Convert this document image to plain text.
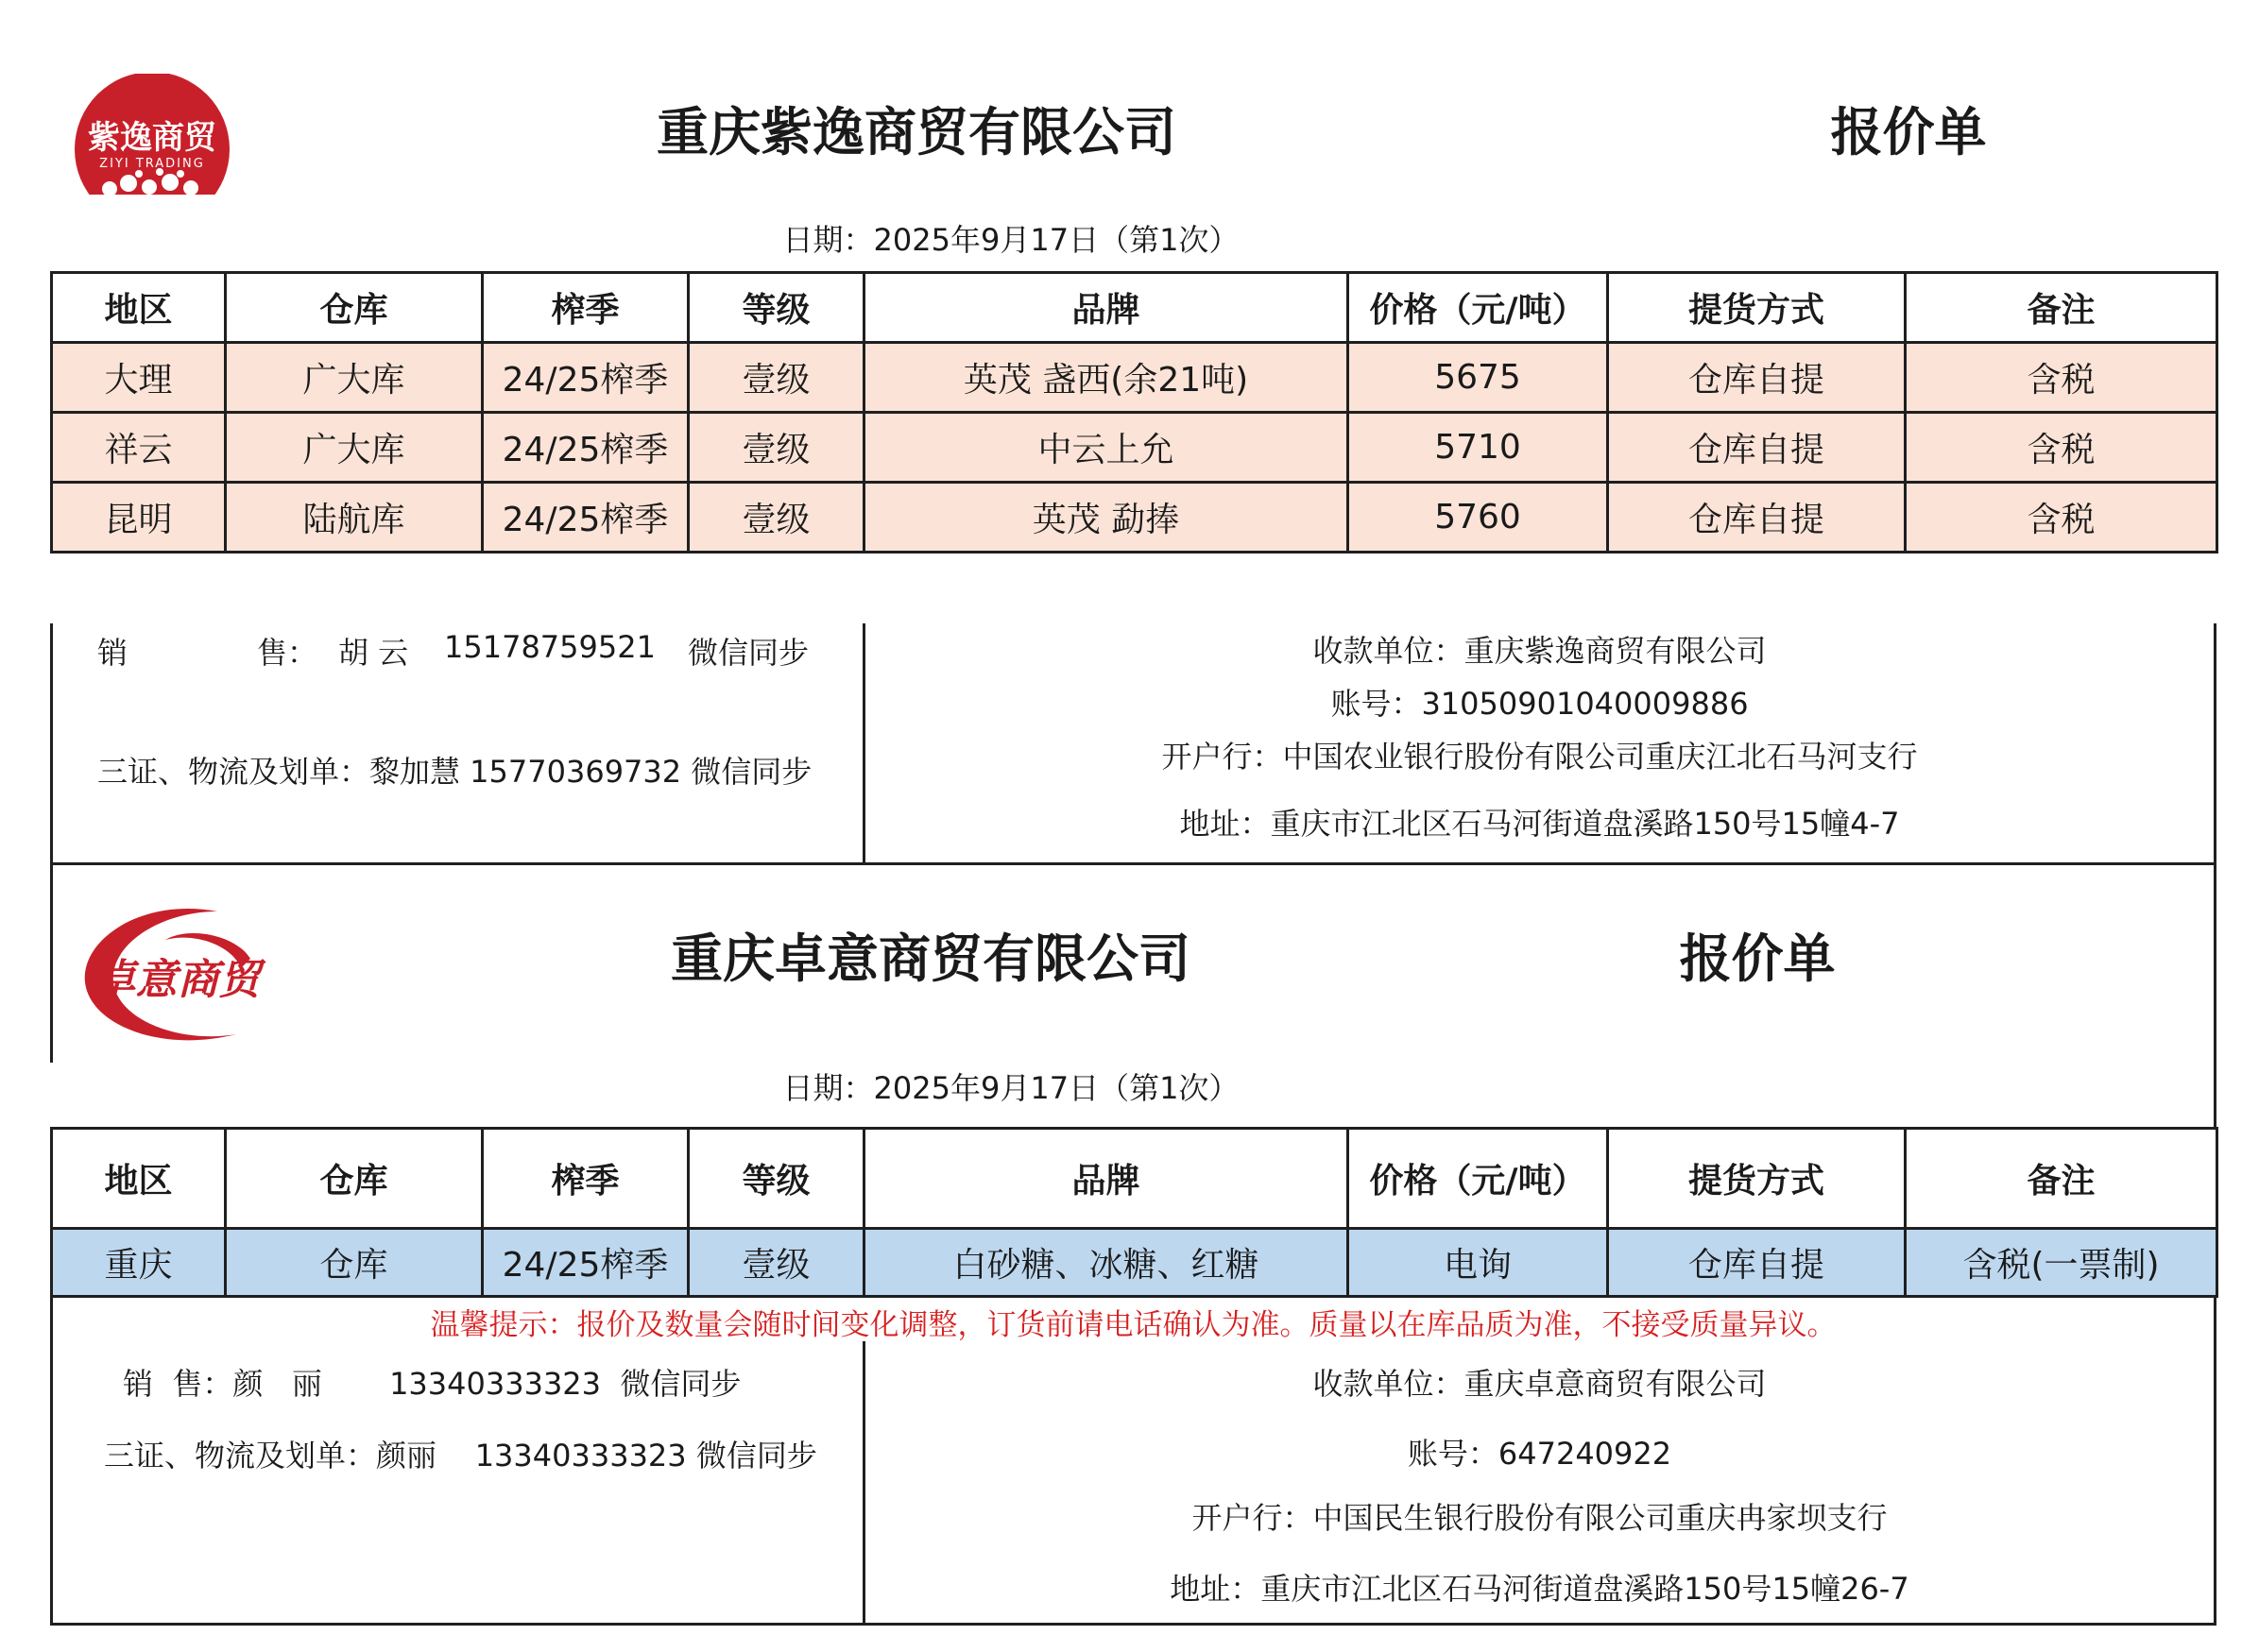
紫逸商贸
ZIYI TRADING
重庆紫逸商贸有限公司	报价单
日期：2025年9月17日（第1次）
地区	仓库	榨季	等级	品牌	价格（元/吨）	提货方式	备注
大理	广大库	24/25榨季	壹级	英茂 盏西(余21吨)	5675	仓库自提	含税
祥云	广大库	24/25榨季	壹级	中云上允	5710	仓库自提	含税
昆明	陆航库	24/25榨季	壹级	英茂 勐捧	5760	仓库自提	含税
销	售： 胡 云 15178759521 微信同步
三证、物流及划单：黎加慧 15770369732 微信同步
收款单位：重庆紫逸商贸有限公司
账号：31050901040009886
开户行：中国农业银行股份有限公司重庆江北石马河支行
地址：重庆市江北区石马河街道盘溪路150号15幢4-7
卓意商贸	重庆卓意商贸有限公司	报价单
日期：2025年9月17日（第1次）
地区	仓库	榨季	等级	品牌	价格（元/吨）	提货方式	备注
重庆	仓库	24/25榨季	壹级	白砂糖、冰糖、红糖	电询	仓库自提	含税(一票制)
温馨提示：报价及数量会随时间变化调整，订货前请电话确认为准。质量以在库品质为准，不接受质量异议。
销  售：颜   丽       13340333323  微信同步
三证、物流及划单：颜丽    13340333323 微信同步
收款单位：重庆卓意商贸有限公司
账号：647240922
开户行：中国民生银行股份有限公司重庆冉家坝支行
地址：重庆市江北区石马河街道盘溪路150号15幢26-7
